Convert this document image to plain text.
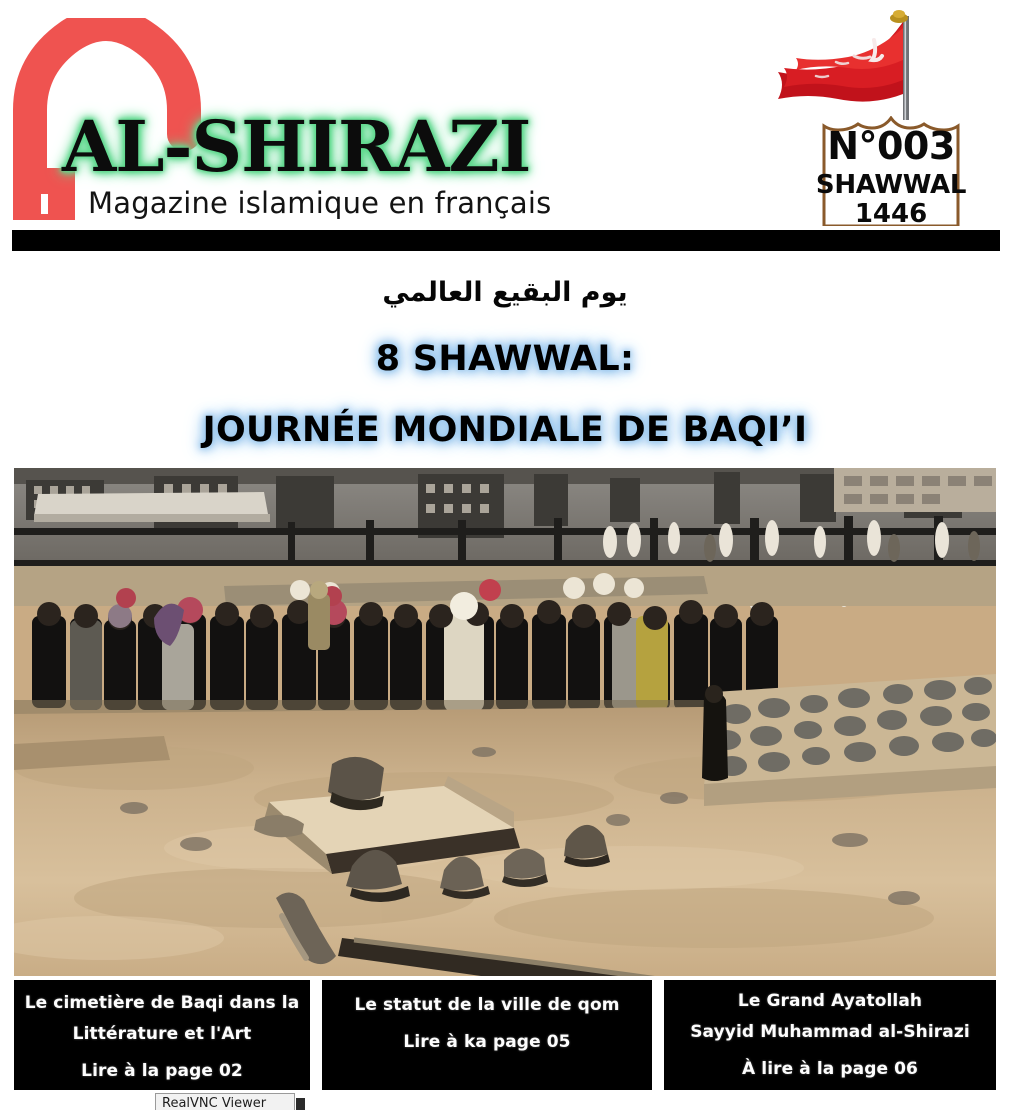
AL-SHIRAZI
Magazine islamique en français
N°003
SHAWWAL
1446
يوم البقيع العالمي
8 SHAWWAL:
JOURNÉE MONDIALE DE BAQI’I
Le cimetière de Baqi dans la
Littérature et l'Art
Lire à la page 02
Le statut de la ville de qom
Lire à ka page 05
Le Grand Ayatollah
Sayyid Muhammad al-Shirazi
À lire à la page 06
RealVNC Viewer
